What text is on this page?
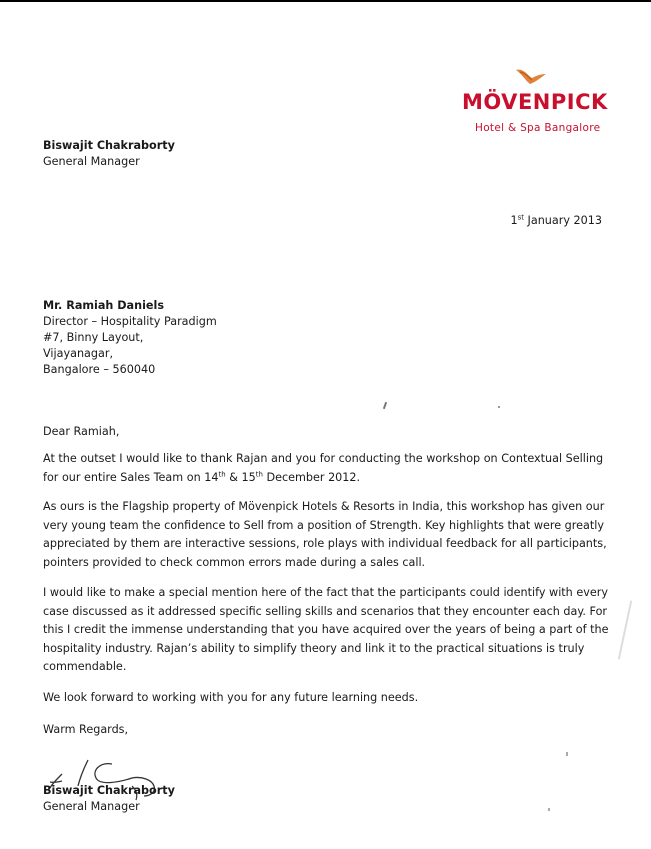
MÖVENPICK
Hotel & Spa Bangalore
Biswajit Chakraborty
General Manager
1st January 2013
Mr. Ramiah Daniels
Director – Hospitality Paradigm
#7, Binny Layout,
Vijayanagar,
Bangalore – 560040
Dear Ramiah,
At the outset I would like to thank Rajan and you for conducting the workshop on Contextual Selling for our entire Sales Team on 14th & 15th December 2012.
As ours is the Flagship property of Mövenpick Hotels & Resorts in India, this workshop has given our very young team the confidence to Sell from a position of Strength. Key highlights that were greatly appreciated by them are interactive sessions, role plays with individual feedback for all participants, pointers provided to check common errors made during a sales call.
I would like to make a special mention here of the fact that the participants could identify with every case discussed as it addressed specific selling skills and scenarios that they encounter each day. For this I credit the immense understanding that you have acquired over the years of being a part of the hospitality industry. Rajan’s ability to simplify theory and link it to the practical situations is truly commendable.
We look forward to working with you for any future learning needs.
Warm Regards,
Biswajit Chakraborty
General Manager
